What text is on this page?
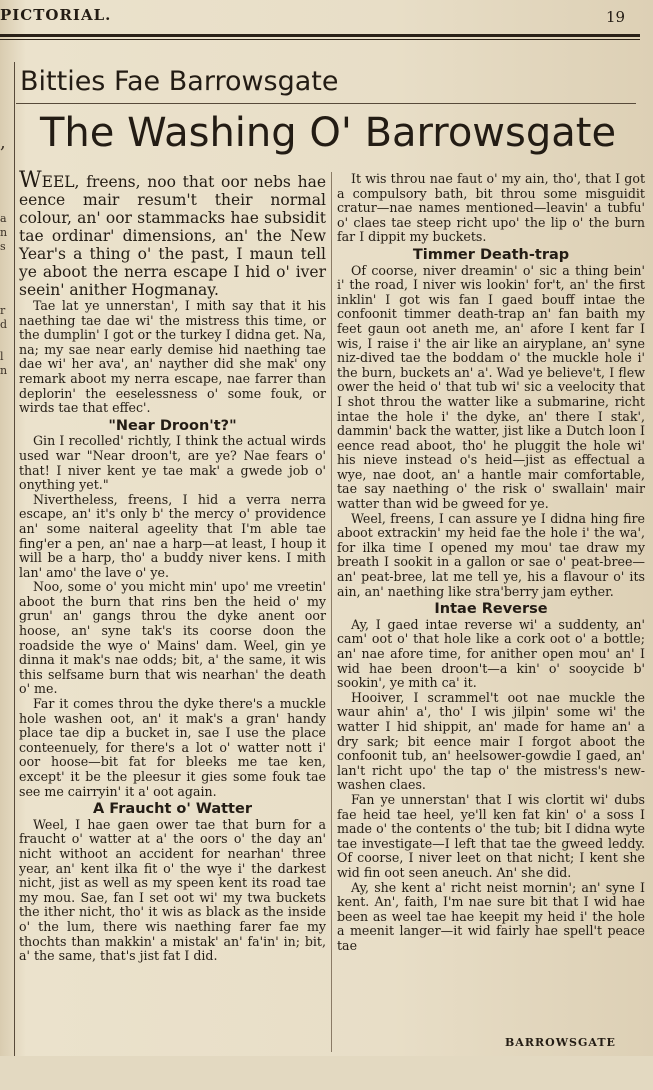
PICTORIAL.	19
,
a
n
s
r
d
l
n
Bitties Fae Barrowsgate
The Washing O' Barrowsgate

WEEL, freens, noo that oor nebs hae eence mair resum't their normal colour, an' oor stammacks hae subsidit tae ordinar' dimensions, an' the New Year's a thing o' the past, I maun tell ye aboot the nerra escape I hid o' iver seein' anither Hogmanay.

Tae lat ye unnerstan', I mith say that it his naething tae dae wi' the mistress this time, or the dumplin' I got or the turkey I didna get. Na, na; my sae near early demise hid naething tae dae wi' her ava', an' nayther did she mak' ony remark aboot my nerra escape, nae farrer than deplorin' the eeselessness o' some fouk, or wirds tae that effec'.

"Near Droon't?"

Gin I recolled' richtly, I think the actual wirds used war "Near droon't, are ye? Nae fears o' that! I niver kent ye tae mak' a gwede job o' onything yet."

Nivertheless, freens, I hid a verra nerra escape, an' it's only b' the mercy o' providence an' some naiteral ageelity that I'm able tae fing'er a pen, an' nae a harp—at least, I houp it will be a harp, tho' a buddy niver kens. I mith lan' amo' the lave o' ye.

Noo, some o' you micht min' upo' me vreetin' aboot the burn that rins ben the heid o' my grun' an' gangs throu the dyke anent oor hoose, an' syne tak's its coorse doon the roadside the wye o' Mains' dam. Weel, gin ye dinna it mak's nae odds; bit, a' the same, it wis this selfsame burn that wis nearhan' the death o' me.

Far it comes throu the dyke there's a muckle hole washen oot, an' it mak's a gran' handy place tae dip a bucket in, sae I use the place conteenuely, for there's a lot o' watter nott i' oor hoose—bit fat for bleeks me tae ken, except' it be the pleesur it gies some fouk tae see me cairryin' it a' oot again.

A Fraucht o' Watter

Weel, I hae gaen ower tae that burn for a fraucht o' watter at a' the oors o' the day an' nicht withoot an accident for nearhan' three year, an' kent ilka fit o' the wye i' the darkest nicht, jist as well as my speen kent its road tae my mou. Sae, fan I set oot wi' my twa buckets the ither nicht, tho' it wis as black as the inside o' the lum, there wis naething farer fae my thochts than makkin' a mistak' an' fa'in' in; bit, a' the same, that's jist fat I did.

It wis throu nae faut o' my ain, tho', that I got a compulsory bath, bit throu some misguidit cratur—nae names mentioned—leavin' a tubfu' o' claes tae steep richt upo' the lip o' the burn far I dippit my buckets.

Timmer Death-trap

Of coorse, niver dreamin' o' sic a thing bein' i' the road, I niver wis lookin' for't, an' the first inklin' I got wis fan I gaed bouff intae the confoonit timmer death-trap an' fan baith my feet gaun oot aneth me, an' afore I kent far I wis, I raise i' the air like an airyplane, an' syne niz-dived tae the boddam o' the muckle hole i' the burn, buckets an' a'. Wad ye believe't, I flew ower the heid o' that tub wi' sic a veelocity that I shot throu the watter like a submarine, richt intae the hole i' the dyke, an' there I stak', dammin' back the watter, jist like a Dutch loon I eence read aboot, tho' he pluggit the hole wi' his nieve instead o's heid—jist as effectual a wye, nae doot, an' a hantle mair comfortable, tae say naething o' the risk o' swallain' mair watter than wid be gweed for ye.

Weel, freens, I can assure ye I didna hing fire aboot extrackin' my heid fae the hole i' the wa', for ilka time I opened my mou' tae draw my breath I sookit in a gallon or sae o' peat-bree—an' peat-bree, lat me tell ye, his a flavour o' its ain, an' naething like stra'berry jam eyther.

Intae Reverse

Ay, I gaed intae reverse wi' a suddenty, an' cam' oot o' that hole like a cork oot o' a bottle; an' nae afore time, for anither open mou' an' I wid hae been droon't—a kin' o' sooycide b' sookin', ye mith ca' it.

Hooiver, I scrammel't oot nae muckle the waur ahin' a', tho' I wis jilpin' some wi' the watter I hid shippit, an' made for hame an' a dry sark; bit eence mair I forgot aboot the confoonit tub, an' heelsower-gowdie I gaed, an' lan't richt upo' the tap o' the mistress's new-washen claes.

Fan ye unnerstan' that I wis clortit wi' dubs fae heid tae heel, ye'll ken fat kin' o' a soss I made o' the contents o' the tub; bit I didna wyte tae investigate—I left that tae the gweed leddy. Of coorse, I niver leet on that nicht; I kent she wid fin oot seen aneuch. An' she did.

Ay, she kent a' richt neist mornin'; an' syne I kent. An', faith, I'm nae sure bit that I wid hae been as weel tae hae keepit my heid i' the hole a meenit langer—it wid fairly hae spell't peace tae

BARROWSGATE
